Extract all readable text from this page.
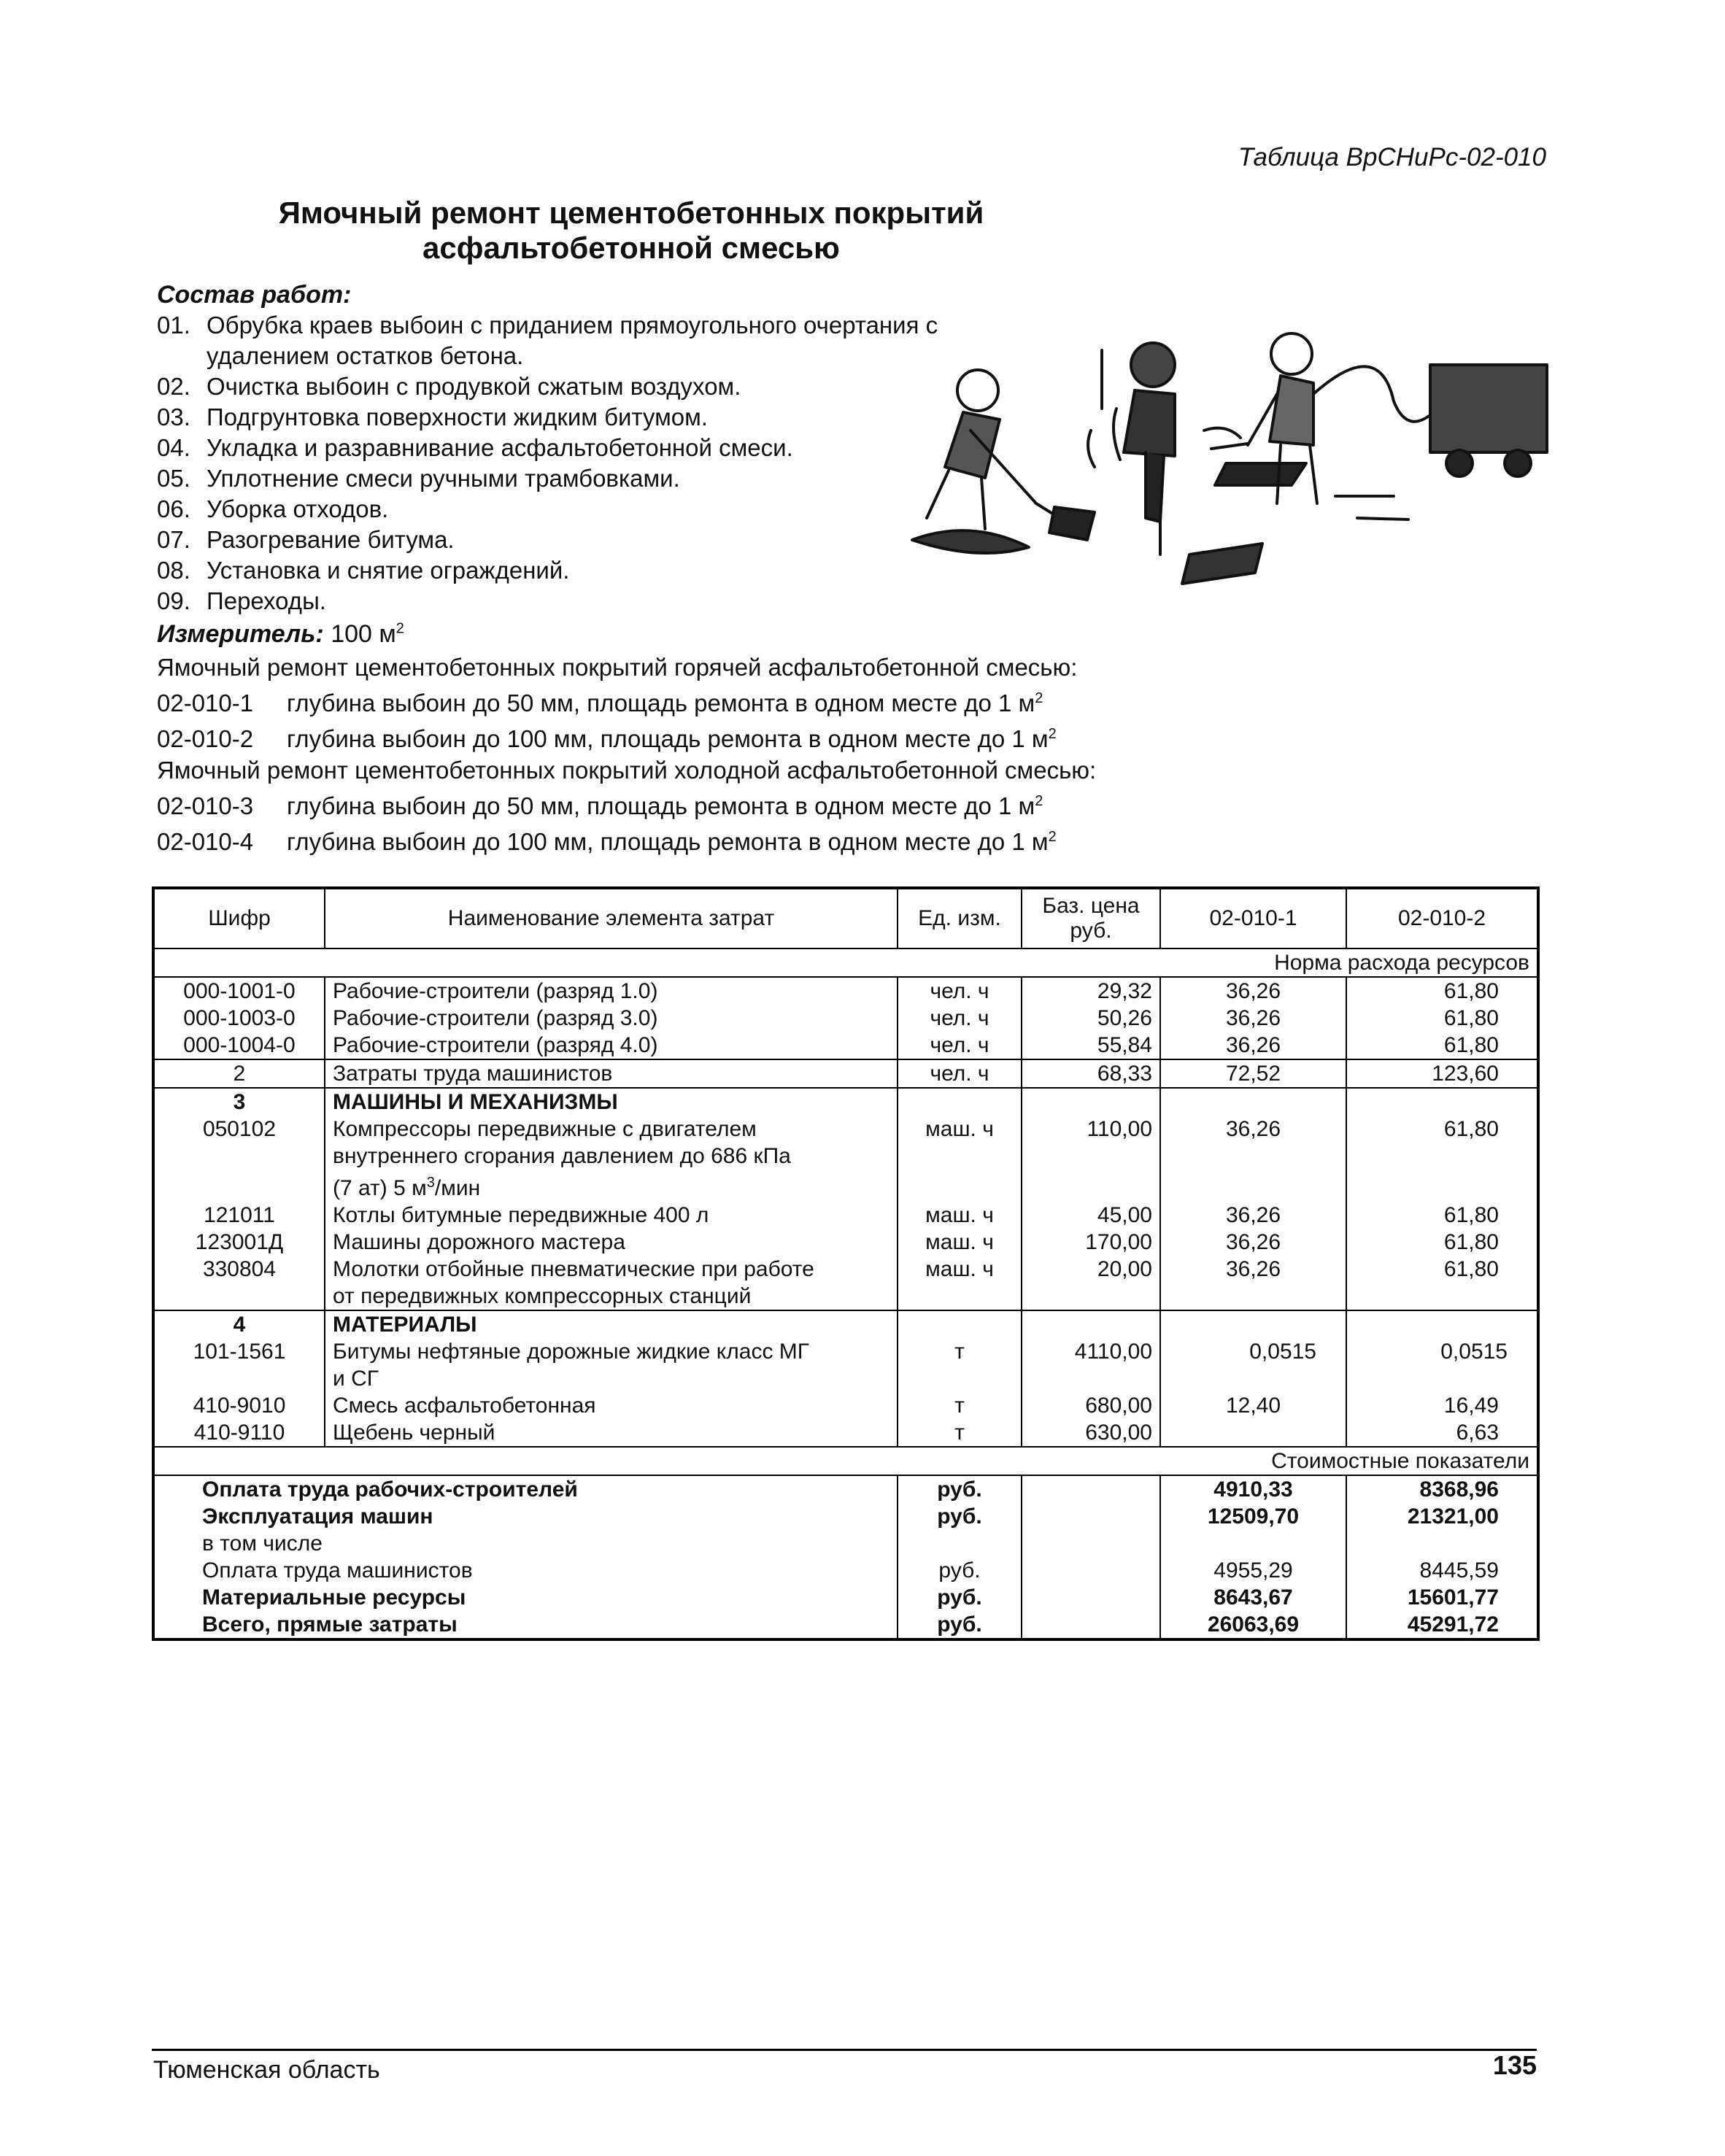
Таблица ВрСНиРс-02-010
Ямочный ремонт цементобетонных покрытий
асфальтобетонной смесью
Состав работ:
01. Обрубка краев выбоин с приданием прямоугольного очертания с удалением остатков бетона.
02. Очистка выбоин с продувкой сжатым воздухом.
03. Подгрунтовка поверхности жидким битумом.
04. Укладка и разравнивание асфальтобетонной смеси.
05. Уплотнение смеси ручными трамбовками.
06. Уборка отходов.
07. Разогревание битума.
08. Установка и снятие ограждений.
09. Переходы.
Измеритель: 100 $м^2$
Ямочный ремонт цементобетонных покрытий горячей асфальтобетонной смесью:
02-010-1 глубина выбоин до 50 мм, площадь ремонта в одном месте до 1 $м^2$
02-010-2 глубина выбоин до 100 мм, площадь ремонта в одном месте до 1 $м^2$
Ямочный ремонт цементобетонных покрытий холодной асфальтобетонной смесью:
02-010-3 глубина выбоин до 50 мм, площадь ремонта в одном месте до 1 $м^2$
02-010-4 глубина выбоин до 100 мм, площадь ремонта в одном месте до 1 $м^2$
Шифр	Наименование элемента затрат	Ед. изм.	Баз. цена руб.	02-010-1	02-010-2
Норма расхода ресурсов					
000-1001-0	Рабочие-строители (разряд 1.0)	чел. ч	29,32	36,26	61,80
000-1003-0	Рабочие-строители (разряд 3.0)	чел. ч	50,26	36,26	61,80
000-1004-0	Рабочие-строители (разряд 4.0)	чел. ч	55,84	36,26	61,80
2	Затраты труда машинистов	чел. ч	68,33	72,52	123,60
3	МАШИНЫ И МЕХАНИЗМЫ				
050102	Компрессоры передвижные с двигателем
внутреннего сгорания давлением до 686 кПа
(7 ат) 5 $м^3$/мин	маш. ч	110,00	36,26	61,80
121011	Котлы битумные передвижные 400 л	маш. ч	45,00	36,26	61,80
123001Д	Машины дорожного мастера	маш. ч	170,00	36,26	61,80
330804	Молотки отбойные пневматические при работе
от передвижных компрессорных станций	маш. ч	20,00	36,26	61,80
4	МАТЕРИАЛЫ				
101-1561	Битумы нефтяные дорожные жидкие класс МГ
и СГ	т	4110,00	0,0515	0,0515
410-9010	Смесь асфальтобетонная	т	680,00	12,40	16,49
410-9110	Щебень черный	т	630,00		6,63
Стоимостные показатели					
Оплата труда рабочих-строителей		руб.		4910,33	8368,96
Эксплуатация машин		руб.		12509,70	21321,00
в том числе					
Оплата труда машинистов		руб.		4955,29	8445,59
Материальные ресурсы		руб.		8643,67	15601,77
Всего, прямые затраты		руб.		26063,69	45291,72
Тюменская область	135
